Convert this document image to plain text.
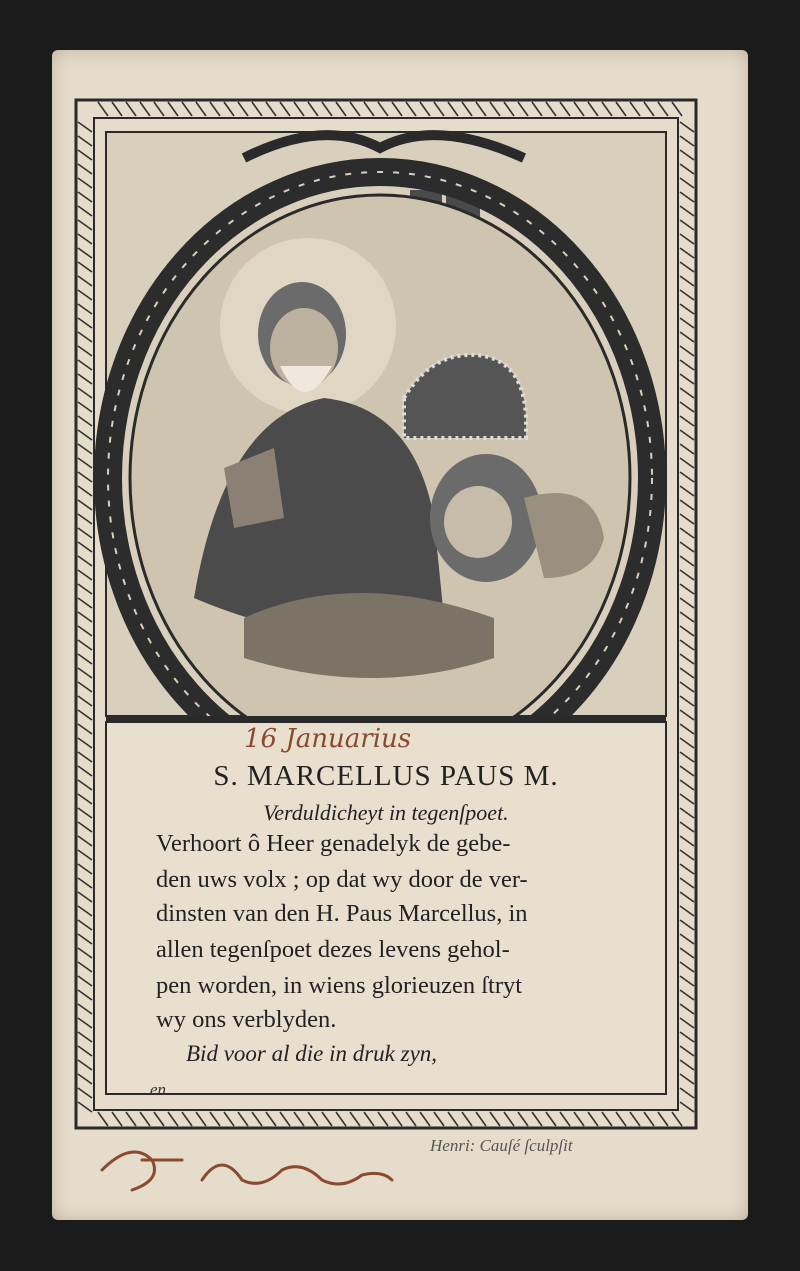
16 Januarius
S. MARCELLUS PAUS M.
Verduldicheyt in tegenſpoet.
Verhoort ô Heer genadelyk de gebe-
den uws volx ; op dat wy door de ver-
dinsten van den H. Paus Marcellus, in
allen tegenſpoet dezes levens gehol-
pen worden, in wiens glorieuzen ſtryt
wy ons verblyden.
Bid voor al die in druk zyn,
en
Henri: Cauſé ſculpſit
